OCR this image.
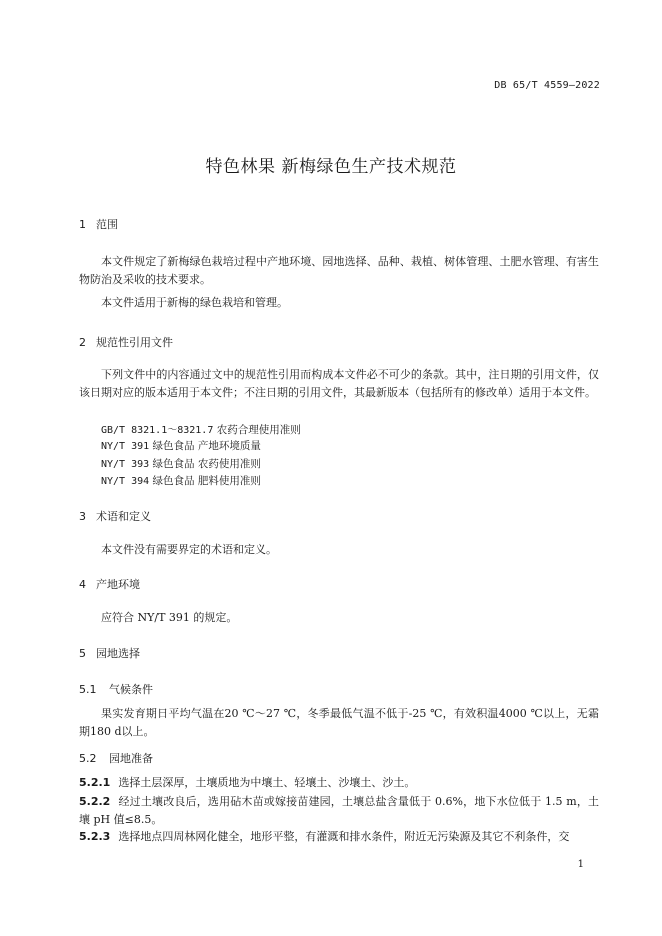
DB 65/T 4559—2022
特色林果 新梅绿色生产技术规范
1 范围
本文件规定了新梅绿色栽培过程中产地环境、园地选择、品种、栽植、树体管理、土肥水管理、有害生物防治及采收的技术要求。
本文件适用于新梅的绿色栽培和管理。
2 规范性引用文件
下列文件中的内容通过文中的规范性引用而构成本文件必不可少的条款。其中，注日期的引用文件，仅该日期对应的版本适用于本文件；不注日期的引用文件，其最新版本（包括所有的修改单）适用于本文件。
GB/T 8321.1～8321.7 农药合理使用准则
NY/T 391 绿色食品 产地环境质量
NY/T 393 绿色食品 农药使用准则
NY/T 394 绿色食品 肥料使用准则
3 术语和定义
本文件没有需要界定的术语和定义。
4 产地环境
应符合 NY/T 391 的规定。
5 园地选择
5.1 气候条件
果实发育期日平均气温在20 ℃～27 ℃，冬季最低气温不低于-25 ℃，有效积温4000 ℃以上，无霜期180 d以上。
5.2 园地准备
5.2.1 选择土层深厚，土壤质地为中壤土、轻壤土、沙壤土、沙土。
5.2.2 经过土壤改良后，选用砧木苗或嫁接苗建园，土壤总盐含量低于 0.6%，地下水位低于 1.5 m，土壤 pH 值≤8.5。
5.2.3 选择地点四周林网化健全，地形平整，有灌溉和排水条件，附近无污染源及其它不利条件，交
1
